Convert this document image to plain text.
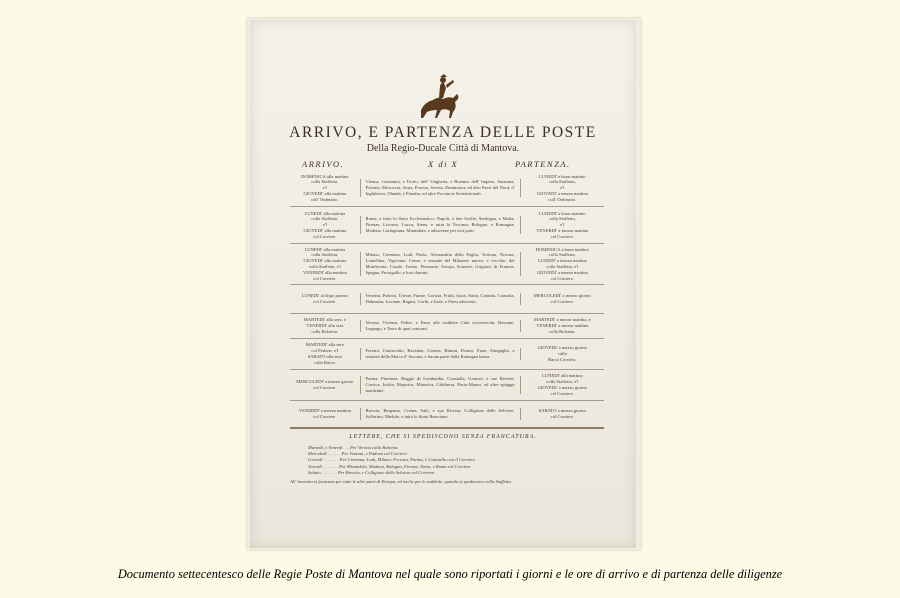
ARRIVO, E PARTENZA DELLE POSTE
Della Regio-Ducale Città di Mantova.
ARRIVO.	X di X	PARTENZA.
DOMENICA alla mattina
colla Staffetta,
e'l
GIOVEDI' alla mattina
coll' Ordinario.
Vienna, Germania, e Tirolo; dell' Ungheria, e Boemia, dell' Impero, Sassonia, Polonia, Moscovia, Assia, Prussia, Svezia, Danimarca, ed altri Paesi del Nord, d' Inghilterra, Olanda, e Fiandra, ed altre Provincie Settentrionali.
LUNEDI' a buon mattino
colla Staffetta,
e'l
GIOVEDI' a mezza mattina
coll' Ordinario.
LUNEDI' alla mattina
colla Staffetta,
e'l
GIOVEDI' alla mattina
col Corriere.
Roma, e tutto lo Stato Ecclesiastico; Napoli, e due Sicilie; Sardegna, e Malta; Firenze, Livorno, Lucca, Siena, e tutta la Toscana; Bologna, e Romagna; Modena, Carfagnana, Mirandola, e adiacenze per essi parti.
LUNEDI' a buon mattino
colla Staffetta,
e'l
VENERDI' a mezza mattina
col Corriere.
LUNEDI' alla mattina
colla Staffetta,
GIOVEDI' alla mattina
colla Staffetta, e'l
VENERDI' alla mattina
col Corriere.
Milano, Cremona, Lodi, Pavia, Alessandria della Paglia, Tortona, Novara, Lomellina, Vigevano, Como, e restante del Milanese nuovo, e vecchio; del Monferrato, Casale, Torino, Piemonte, Savoja, Svizzeri, Grigioni, di Francia, Spagna, Portogallo, e loro domini.
DOMENICA a buon mattino
colla Staffetta,
LUNEDI' a mezza mattina
colla Staffetta, e'l
GIOVEDI' a mezza mattina
col Corriere.
LUNEDI' al dopo pranzo
col Corriere.
Venezia, Padova, Trieste, Fiume, Gorizia, Friuli, Istria, Stiria, Carintia, Carniola, Dalmazia, Levante, Ragusi, Corfù, e Isole, e Paesi adiacenti.
MERCOLEDI' a mezzo giorno
col Corriere.
MARTEDI' alla sera, e
VENERDI' alla sera
colla Bolzetta.
Verona, Vicenza, Feltre, e Paesi alle suddette Città circonvicini, Bassano, Legnago, e Terre di quei contorni.
MARTEDI' a mezza mattina, e
VENERDI' a mezza mattina
colla Bolzetta.
MARTEDI' alla sera
col Pedone, e'l
SABATO alla sera
colla Barca.
Ferrara, Comacchio, Ravenna, Cesena, Rimini, Pesaro, Fano, Sinigaglia, e restante della Marca d' Ancona, e buona parte della Romagna bassa.
GIOVEDI' a mezzo giorno
colla
Barca Corriera.
MERCOLEDI' a mezzo giorno
col Corriere.
Parma, Piacenza, Reggio di Lombardia, Guastalla, Genova, e sue Riviere; Corsica, Ischia, Majorica, Minorica, Gibilterra, Porto-Mauro, ed altre spiagge marittime.
LUNEDI' alla mattina
colla Staffetta, e'l
GIOVEDI' a mezzo giorno
col Corriere.
VENERDI' a mezza mattina
col Corriere.
Brescia, Bergamo, Crema, Salò, e sua Riviera; Colligione delle Selviere, Solferino, Medole, e tutto lo Stato Bresciano.
SABATO a mezzo giorno
col Corriere.
LETTERE, CHE SI SPEDISCONO SENZA FRANCATURA.
Martedì, e Venerdì . . . Per Verona colla Bolzetta.
Mercoledì . . . . . . Per Venezia, e Padova col Corriere.
Giovedì . . . . . . . Per Cremona, Lodi, Milano, Ferrara, Parma, e Guastalla con il Corriere.
Venerdì . . . . . . . Per Mirandola, Modena, Bologna, Firenze, Siena, e Roma col Corriere.
Sabato . . . . . . . Per Brescia, e Colligione delle Selviere col Corriere.
All' incontro si francano per tutte le altre parti di Europa, ed anche per le suddette, quando si spediscono colla Staffetta.
Documento settecentesco delle Regie Poste di Mantova nel quale sono riportati i giorni e le ore di arrivo e di partenza delle diligenze
